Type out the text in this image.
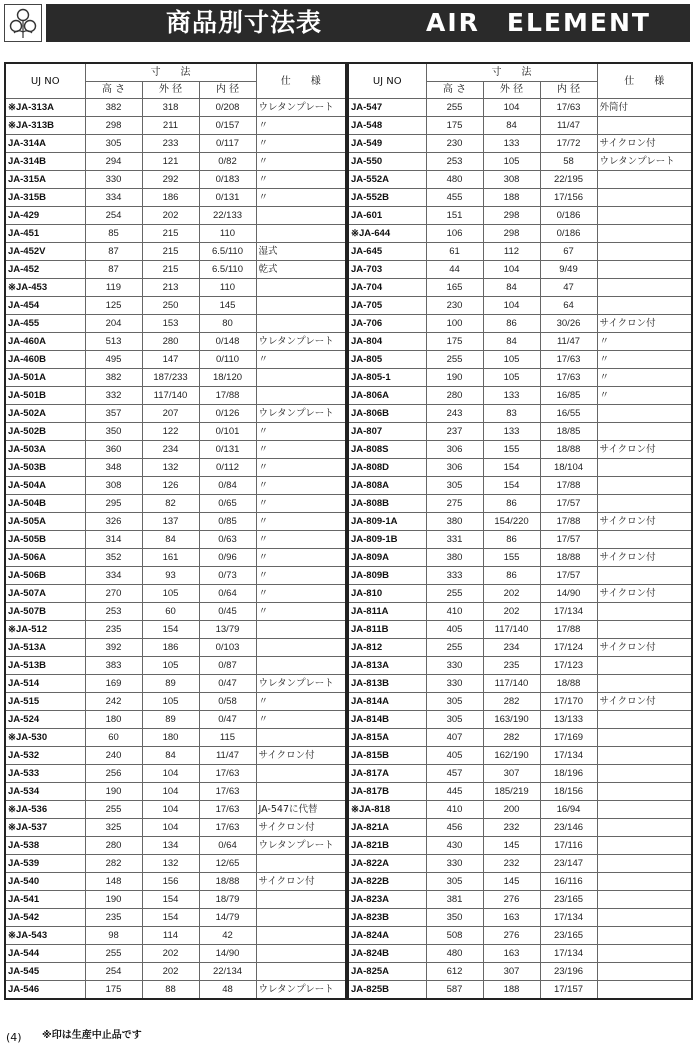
商品別寸法表	AIR　ELEMENT
UJ NO	寸　　法			仕　　様
	高 さ	外 径	内 径	
※JA-313A	382	318	0/208	ウレタンプレート
※JA-313B	298	211	0/157	〃
JA-314A	305	233	0/117	〃
JA-314B	294	121	0/82	〃
JA-315A	330	292	0/183	〃
JA-315B	334	186	0/131	〃
JA-429	254	202	22/133	
JA-451	85	215	110	
JA-452V	87	215	6.5/110	湿式
JA-452	87	215	6.5/110	乾式
※JA-453	119	213	110	
JA-454	125	250	145	
JA-455	204	153	80	
JA-460A	513	280	0/148	ウレタンプレート
JA-460B	495	147	0/110	〃
JA-501A	382	187/233	18/120	
JA-501B	332	117/140	17/88	
JA-502A	357	207	0/126	ウレタンプレート
JA-502B	350	122	0/101	〃
JA-503A	360	234	0/131	〃
JA-503B	348	132	0/112	〃
JA-504A	308	126	0/84	〃
JA-504B	295	82	0/65	〃
JA-505A	326	137	0/85	〃
JA-505B	314	84	0/63	〃
JA-506A	352	161	0/96	〃
JA-506B	334	93	0/73	〃
JA-507A	270	105	0/64	〃
JA-507B	253	60	0/45	〃
※JA-512	235	154	13/79	
JA-513A	392	186	0/103	
JA-513B	383	105	0/87	
JA-514	169	89	0/47	ウレタンプレート
JA-515	242	105	0/58	〃
JA-524	180	89	0/47	〃
※JA-530	60	180	115	
JA-532	240	84	11/47	サイクロン付
JA-533	256	104	17/63	
JA-534	190	104	17/63	
※JA-536	255	104	17/63	JA-547に代替
※JA-537	325	104	17/63	サイクロン付
JA-538	280	134	0/64	ウレタンプレート
JA-539	282	132	12/65	
JA-540	148	156	18/88	サイクロン付
JA-541	190	154	18/79	
JA-542	235	154	14/79	
※JA-543	98	114	42	
JA-544	255	202	14/90	
JA-545	254	202	22/134	
JA-546	175	88	48	ウレタンプレート
UJ NO	寸　　法			仕　　様
	高 さ	外 径	内 径	
JA-547	255	104	17/63	外筒付
JA-548	175	84	11/47	
JA-549	230	133	17/72	サイクロン付
JA-550	253	105	58	ウレタンプレート
JA-552A	480	308	22/195	
JA-552B	455	188	17/156	
JA-601	151	298	0/186	
※JA-644	106	298	0/186	
JA-645	61	112	67	
JA-703	44	104	9/49	
JA-704	165	84	47	
JA-705	230	104	64	
JA-706	100	86	30/26	サイクロン付
JA-804	175	84	11/47	〃
JA-805	255	105	17/63	〃
JA-805-1	190	105	17/63	〃
JA-806A	280	133	16/85	〃
JA-806B	243	83	16/55	
JA-807	237	133	18/85	
JA-808S	306	155	18/88	サイクロン付
JA-808D	306	154	18/104	
JA-808A	305	154	17/88	
JA-808B	275	86	17/57	
JA-809-1A	380	154/220	17/88	サイクロン付
JA-809-1B	331	86	17/57	
JA-809A	380	155	18/88	サイクロン付
JA-809B	333	86	17/57	
JA-810	255	202	14/90	サイクロン付
JA-811A	410	202	17/134	
JA-811B	405	117/140	17/88	
JA-812	255	234	17/124	サイクロン付
JA-813A	330	235	17/123	
JA-813B	330	117/140	18/88	
JA-814A	305	282	17/170	サイクロン付
JA-814B	305	163/190	13/133	
JA-815A	407	282	17/169	
JA-815B	405	162/190	17/134	
JA-817A	457	307	18/196	
JA-817B	445	185/219	18/156	
※JA-818	410	200	16/94	
JA-821A	456	232	23/146	
JA-821B	430	145	17/116	
JA-822A	330	232	23/147	
JA-822B	305	145	16/116	
JA-823A	381	276	23/165	
JA-823B	350	163	17/134	
JA-824A	508	276	23/165	
JA-824B	480	163	17/134	
JA-825A	612	307	23/196	
JA-825B	587	188	17/157	
(4) ※印は生産中止品です
